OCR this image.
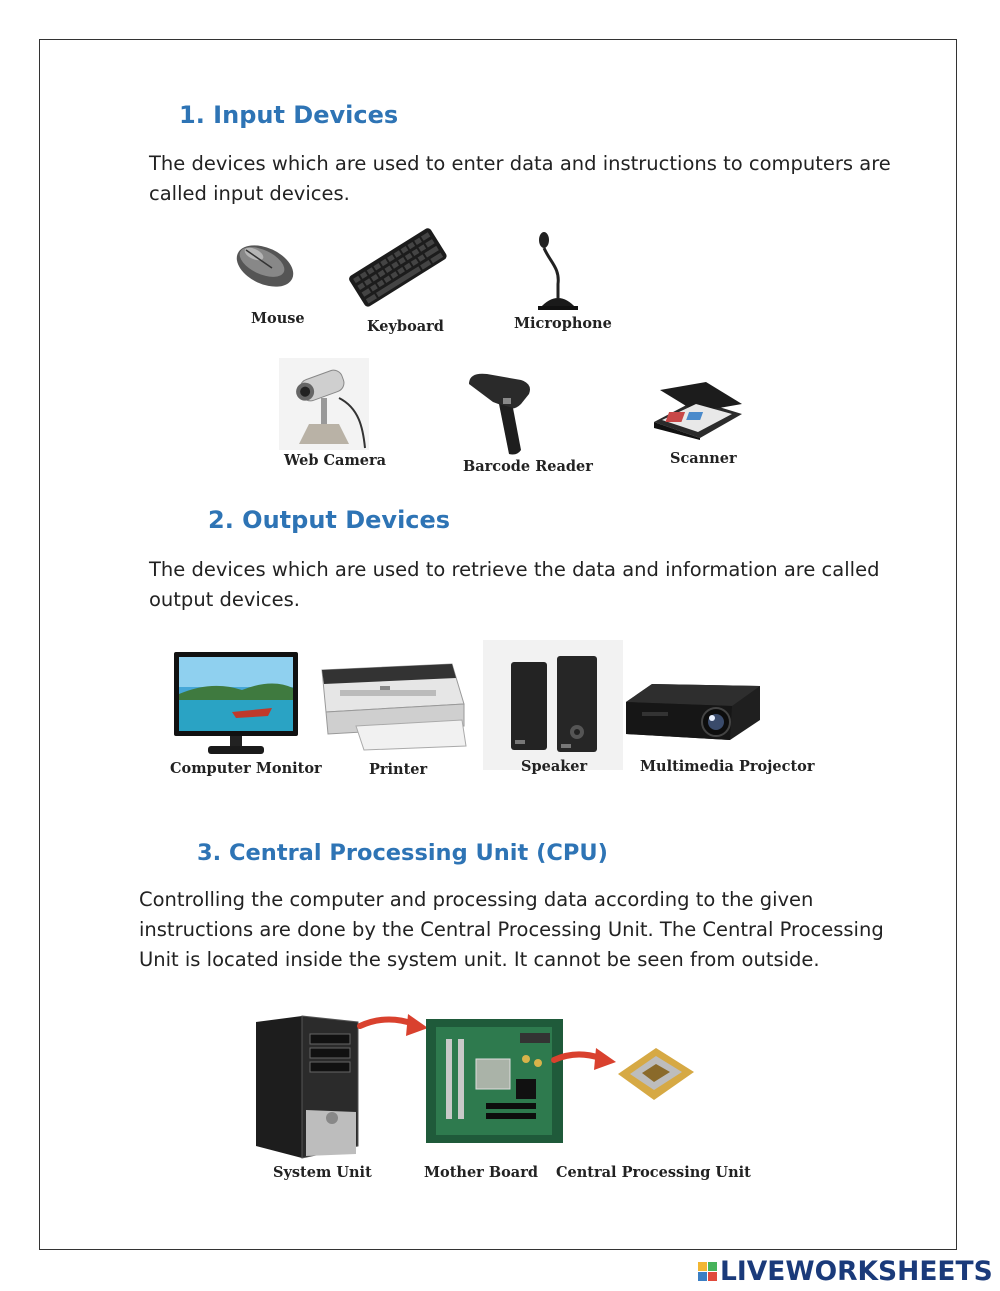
1. Input Devices
The devices which are used to enter data and instructions to computers are
called input devices.
Mouse	Keyboard	Microphone
Web Camera	Barcode Reader	Scanner
2. Output Devices
The devices which are used to retrieve the data and information are called
output devices.
Computer Monitor	Printer	Speaker	Multimedia Projector
3. Central Processing Unit (CPU)
Controlling the computer and processing data according to the given
instructions are done by the Central Processing Unit. The Central Processing
Unit is located inside the system unit. It cannot be seen from outside.
System Unit	Mother Board Central Processing Unit
LIVEWORKSHEETS
